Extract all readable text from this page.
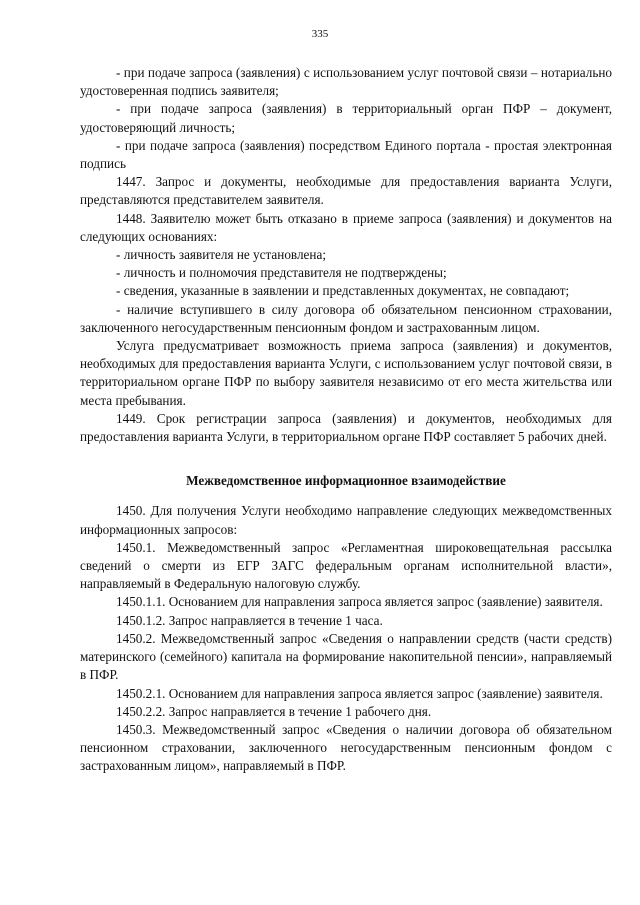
335

- при подаче запроса (заявления) с использованием услуг почтовой связи – нотариально удостоверенная подпись заявителя;

- при подаче запроса (заявления) в территориальный орган ПФР – документ, удостоверяющий личность;

- при подаче запроса (заявления) посредством Единого портала - простая электронная подпись

1447. Запрос и документы, необходимые для предоставления варианта Услуги, представляются представителем заявителя.

1448. Заявителю может быть отказано в приеме запроса (заявления) и документов на следующих основаниях:

- личность заявителя не установлена;

- личность и полномочия представителя не подтверждены;

- сведения, указанные в заявлении и представленных документах, не совпадают;

- наличие вступившего в силу договора об обязательном пенсионном страховании, заключенного негосударственным пенсионным фондом и застрахованным лицом.

Услуга предусматривает возможность приема запроса (заявления) и документов, необходимых для предоставления варианта Услуги, с использованием услуг почтовой связи, в территориальном органе ПФР по выбору заявителя независимо от его места жительства или места пребывания.

1449. Срок регистрации запроса (заявления) и документов, необходимых для предоставления варианта Услуги, в территориальном органе ПФР составляет 5 рабочих дней.

Межведомственное информационное взаимодействие

1450. Для получения Услуги необходимо направление следующих межведомственных информационных запросов:

1450.1. Межведомственный запрос «Регламентная широковещательная рассылка сведений о смерти из ЕГР ЗАГС федеральным органам исполнительной власти», направляемый в Федеральную налоговую службу.

1450.1.1. Основанием для направления запроса является запрос (заявление) заявителя.

1450.1.2. Запрос направляется в течение 1 часа.

1450.2. Межведомственный запрос «Сведения о направлении средств (части средств) материнского (семейного) капитала на формирование накопительной пенсии», направляемый в ПФР.

1450.2.1. Основанием для направления запроса является запрос (заявление) заявителя.

1450.2.2. Запрос направляется в течение 1 рабочего дня.

1450.3. Межведомственный запрос «Сведения о наличии договора об обязательном пенсионном страховании, заключенного негосударственным пенсионным фондом с застрахованным лицом», направляемый в ПФР.
